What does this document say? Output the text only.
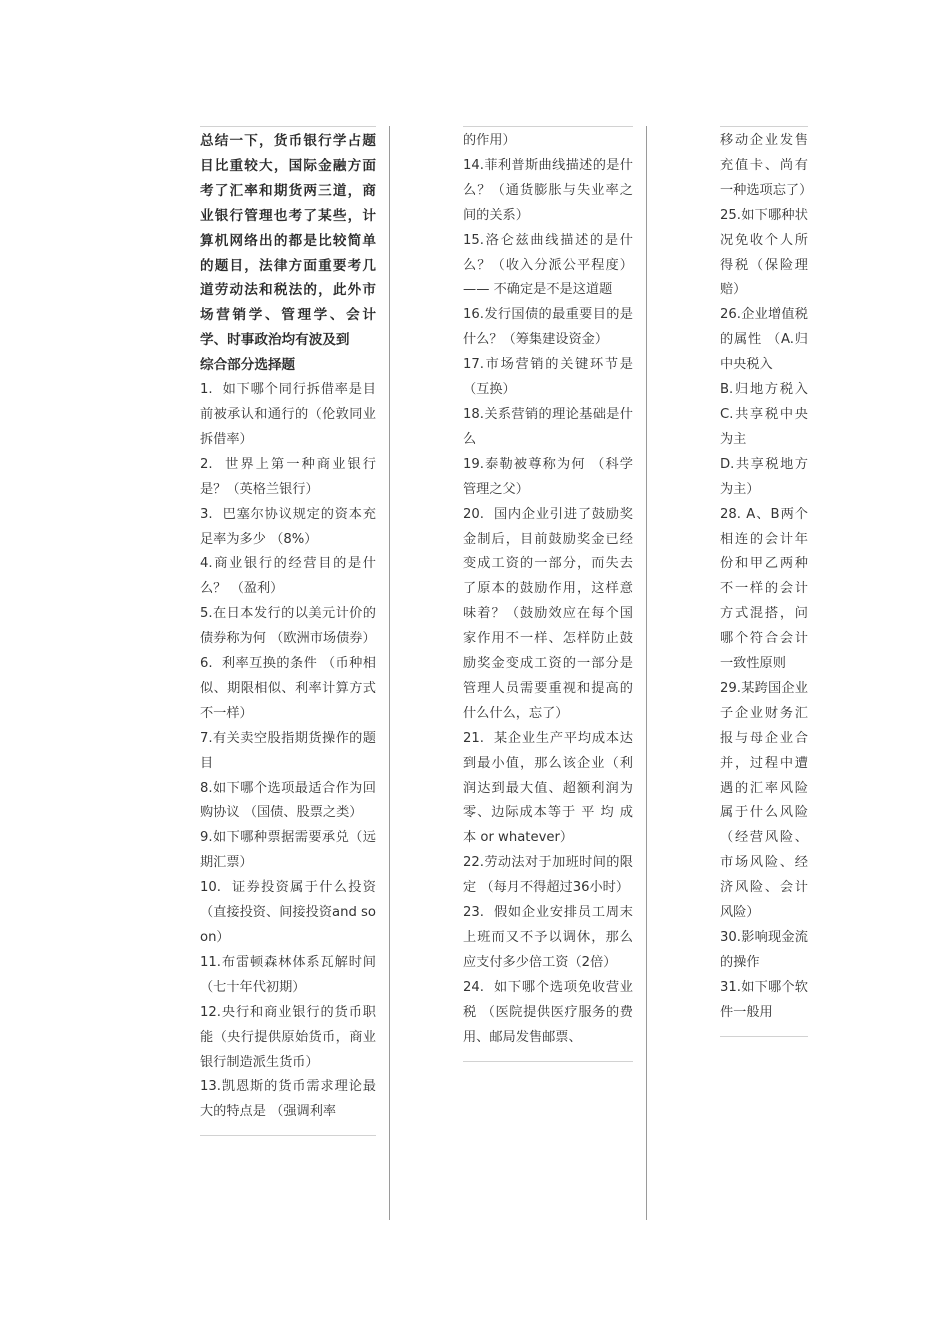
总结一下，货币银行学占题目比重较大，国际金融方面考了汇率和期货两三道，商业银行管理也考了某些，计算机网络出的都是比较简单的题目，法律方面重要考几道劳动法和税法的，此外市场营销学、管理学、会计学、时事政治均有波及到

综合部分选择题

1.  如下哪个同行拆借率是目前被承认和通行的（伦敦同业拆借率）

2.  世界上第一种商业银行是？（英格兰银行）

3.  巴塞尔协议规定的资本充足率为多少 （8%）

4.商业银行的经营目的是什么？ （盈利）

5.在日本发行的以美元计价的债券称为何 （欧洲市场债券）

6.  利率互换的条件 （币种相似、期限相似、利率计算方式不一样）

7.有关卖空股指期货操作的题目

8.如下哪个选项最适合作为回购协议 （国债、股票之类）

9.如下哪种票据需要承兑（远期汇票）

10.  证券投资属于什么投资（直接投资、间接投资and so on）

11.布雷顿森林体系瓦解时间 （七十年代初期）

12.央行和商业银行的货币职能（央行提供原始货币，商业银行制造派生货币）

13.凯恩斯的货币需求理论最大的特点是 （强调利率

的作用）

14.菲利普斯曲线描述的是什么？（通货膨胀与失业率之间的关系）

15.洛仑兹曲线描述的是什么？（收入分派公平程度）—— 不确定是不是这道题

16.发行国债的最重要目的是什么？（筹集建设资金）

17.市场营销的关键环节是（互换）

18.关系营销的理论基础是什么

19.泰勒被尊称为何 （科学管理之父）

20.  国内企业引进了鼓励奖金制后，目前鼓励奖金已经变成工资的一部分，而失去了原本的鼓励作用，这样意味着？（鼓励效应在每个国家作用不一样、怎样防止鼓励奖金变成工资的一部分是管理人员需要重视和提高的什么什么，忘了）

21.  某企业生产平均成本达到最小值，那么该企业（利润达到最大值、超额利润为零、边际成本等于 平 均 成 本 or whatever）

22.劳动法对于加班时间的限定 （每月不得超过36小时）

23.  假如企业安排员工周末上班而又不予以调休，那么应支付多少倍工资（2倍）

24.  如下哪个选项免收营业税 （医院提供医疗服务的费用、邮局发售邮票、

移动企业发售充值卡、尚有一种选项忘了）

25.如下哪种状况免收个人所得税（保险理赔）

26.企业增值税的属性 （A.归中央税入

B.归地方税入  C.共享税中央为主

D.共享税地方为主）

28. A、B两个相连的会计年份和甲乙两种不一样的会计方式混搭，问哪个符合会计一致性原则

29.某跨国企业子企业财务汇报与母企业合并，过程中遭遇的汇率风险属于什么风险（经营风险、市场风险、经济风险、会计风险）

30.影响现金流的操作

31.如下哪个软件一般用
